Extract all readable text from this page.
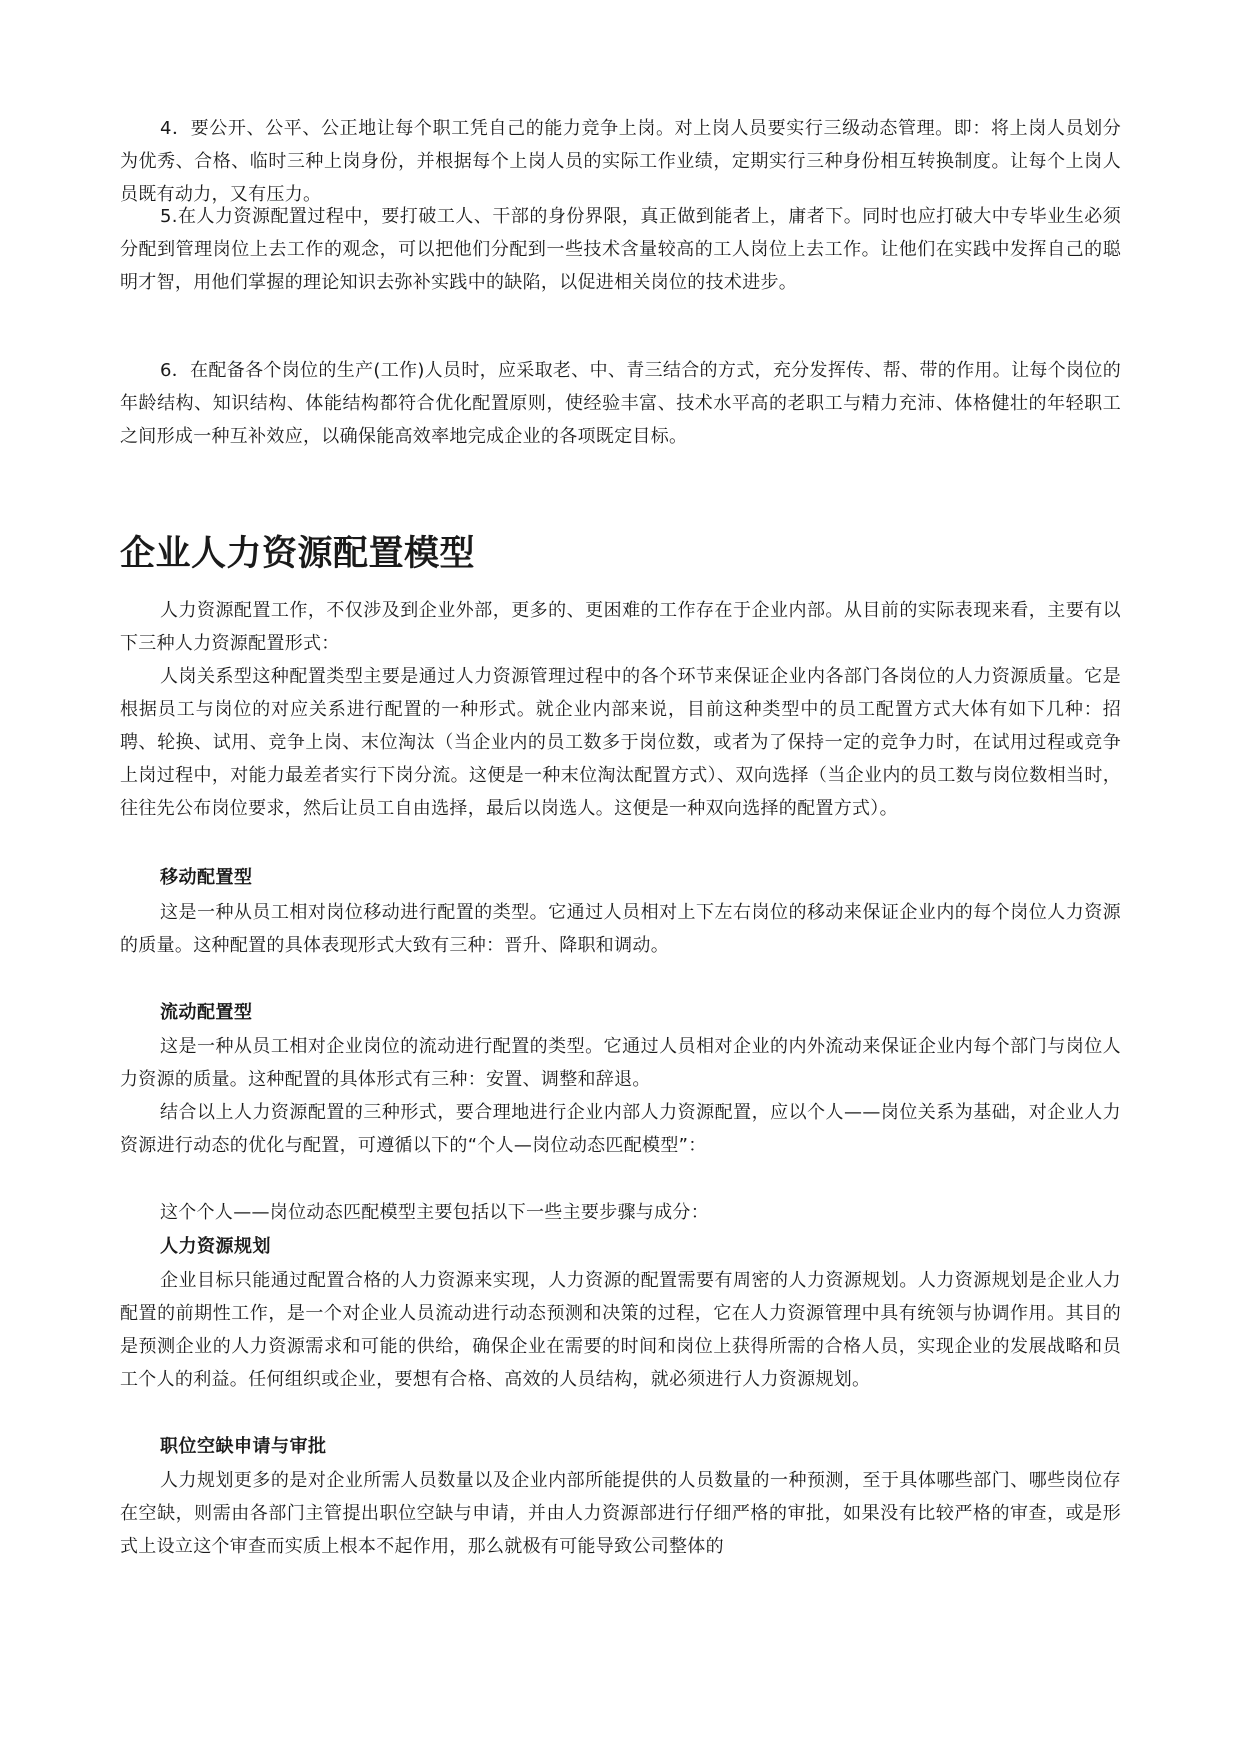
4．要公开、公平、公正地让每个职工凭自己的能力竞争上岗。对上岗人员要实行三级动态管理。即：将上岗人员划分为优秀、合格、临时三种上岗身份，并根据每个上岗人员的实际工作业绩，定期实行三种身份相互转换制度。让每个上岗人员既有动力，又有压力。

5.在人力资源配置过程中，要打破工人、干部的身份界限，真正做到能者上，庸者下。同时也应打破大中专毕业生必须分配到管理岗位上去工作的观念，可以把他们分配到一些技术含量较高的工人岗位上去工作。让他们在实践中发挥自己的聪明才智，用他们掌握的理论知识去弥补实践中的缺陷，以促进相关岗位的技术进步。

6．在配备各个岗位的生产(工作)人员时，应采取老、中、青三结合的方式，充分发挥传、帮、带的作用。让每个岗位的年龄结构、知识结构、体能结构都符合优化配置原则，使经验丰富、技术水平高的老职工与精力充沛、体格健壮的年轻职工之间形成一种互补效应，以确保能高效率地完成企业的各项既定目标。

企业人力资源配置模型

人力资源配置工作，不仅涉及到企业外部，更多的、更困难的工作存在于企业内部。从目前的实际表现来看，主要有以下三种人力资源配置形式：

人岗关系型这种配置类型主要是通过人力资源管理过程中的各个环节来保证企业内各部门各岗位的人力资源质量。它是根据员工与岗位的对应关系进行配置的一种形式。就企业内部来说，目前这种类型中的员工配置方式大体有如下几种：招聘、轮换、试用、竞争上岗、末位淘汰（当企业内的员工数多于岗位数，或者为了保持一定的竞争力时，在试用过程或竞争上岗过程中，对能力最差者实行下岗分流。这便是一种末位淘汰配置方式）、双向选择（当企业内的员工数与岗位数相当时，往往先公布岗位要求，然后让员工自由选择，最后以岗选人。这便是一种双向选择的配置方式）。

移动配置型

这是一种从员工相对岗位移动进行配置的类型。它通过人员相对上下左右岗位的移动来保证企业内的每个岗位人力资源的质量。这种配置的具体表现形式大致有三种：晋升、降职和调动。

流动配置型

这是一种从员工相对企业岗位的流动进行配置的类型。它通过人员相对企业的内外流动来保证企业内每个部门与岗位人力资源的质量。这种配置的具体形式有三种：安置、调整和辞退。

结合以上人力资源配置的三种形式，要合理地进行企业内部人力资源配置，应以个人——岗位关系为基础，对企业人力资源进行动态的优化与配置，可遵循以下的“个人—岗位动态匹配模型”：

这个个人——岗位动态匹配模型主要包括以下一些主要步骤与成分：

人力资源规划

企业目标只能通过配置合格的人力资源来实现，人力资源的配置需要有周密的人力资源规划。人力资源规划是企业人力配置的前期性工作，是一个对企业人员流动进行动态预测和决策的过程，它在人力资源管理中具有统领与协调作用。其目的是预测企业的人力资源需求和可能的供给，确保企业在需要的时间和岗位上获得所需的合格人员，实现企业的发展战略和员工个人的利益。任何组织或企业，要想有合格、高效的人员结构，就必须进行人力资源规划。

职位空缺申请与审批

人力规划更多的是对企业所需人员数量以及企业内部所能提供的人员数量的一种预测，至于具体哪些部门、哪些岗位存在空缺，则需由各部门主管提出职位空缺与申请，并由人力资源部进行仔细严格的审批，如果没有比较严格的审查，或是形式上设立这个审查而实质上根本不起作用，那么就极有可能导致公司整体的
